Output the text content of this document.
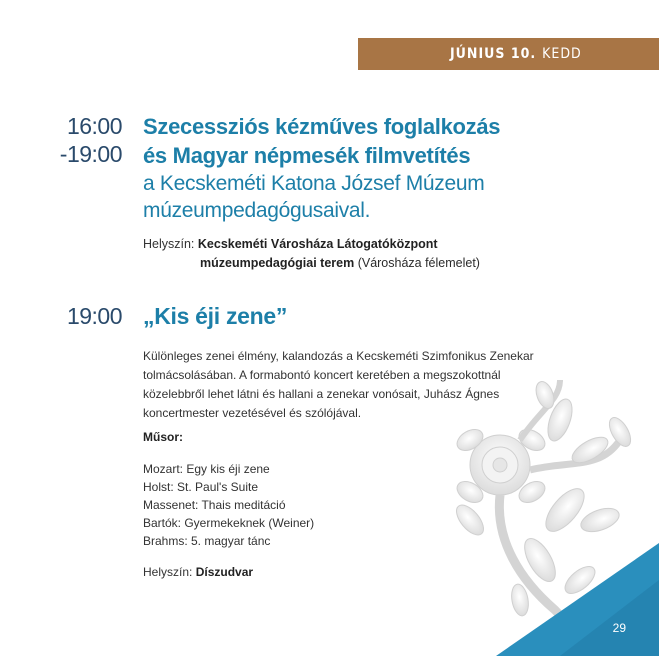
JÚNIUS 10. KEDD
16:00
-19:00
Szecessziós kézműves foglalkozás
és Magyar népmesék filmvetítés
a Kecskeméti Katona József Múzeum
múzeumpedagógusaival.
Helyszín: Kecskeméti Városháza Látogatóközpont
múzeumpedagógiai terem (Városháza félemelet)
19:00 „Kis éji zene”
Különleges zenei élmény, kalandozás a Kecskeméti Szimfonikus Zenekar
tolmácsolásában. A formabontó koncert keretében a megszokottnál
közelebbről lehet látni és hallani a zenekar vonósait, Juhász Ágnes
koncertmester vezetésével és szólójával.
Műsor:
Mozart: Egy kis éji zene
Holst: St. Paul's Suite
Massenet: Thais meditáció
Bartók: Gyermekeknek (Weiner)
Brahms: 5. magyar tánc
Helyszín: Díszudvar
29
